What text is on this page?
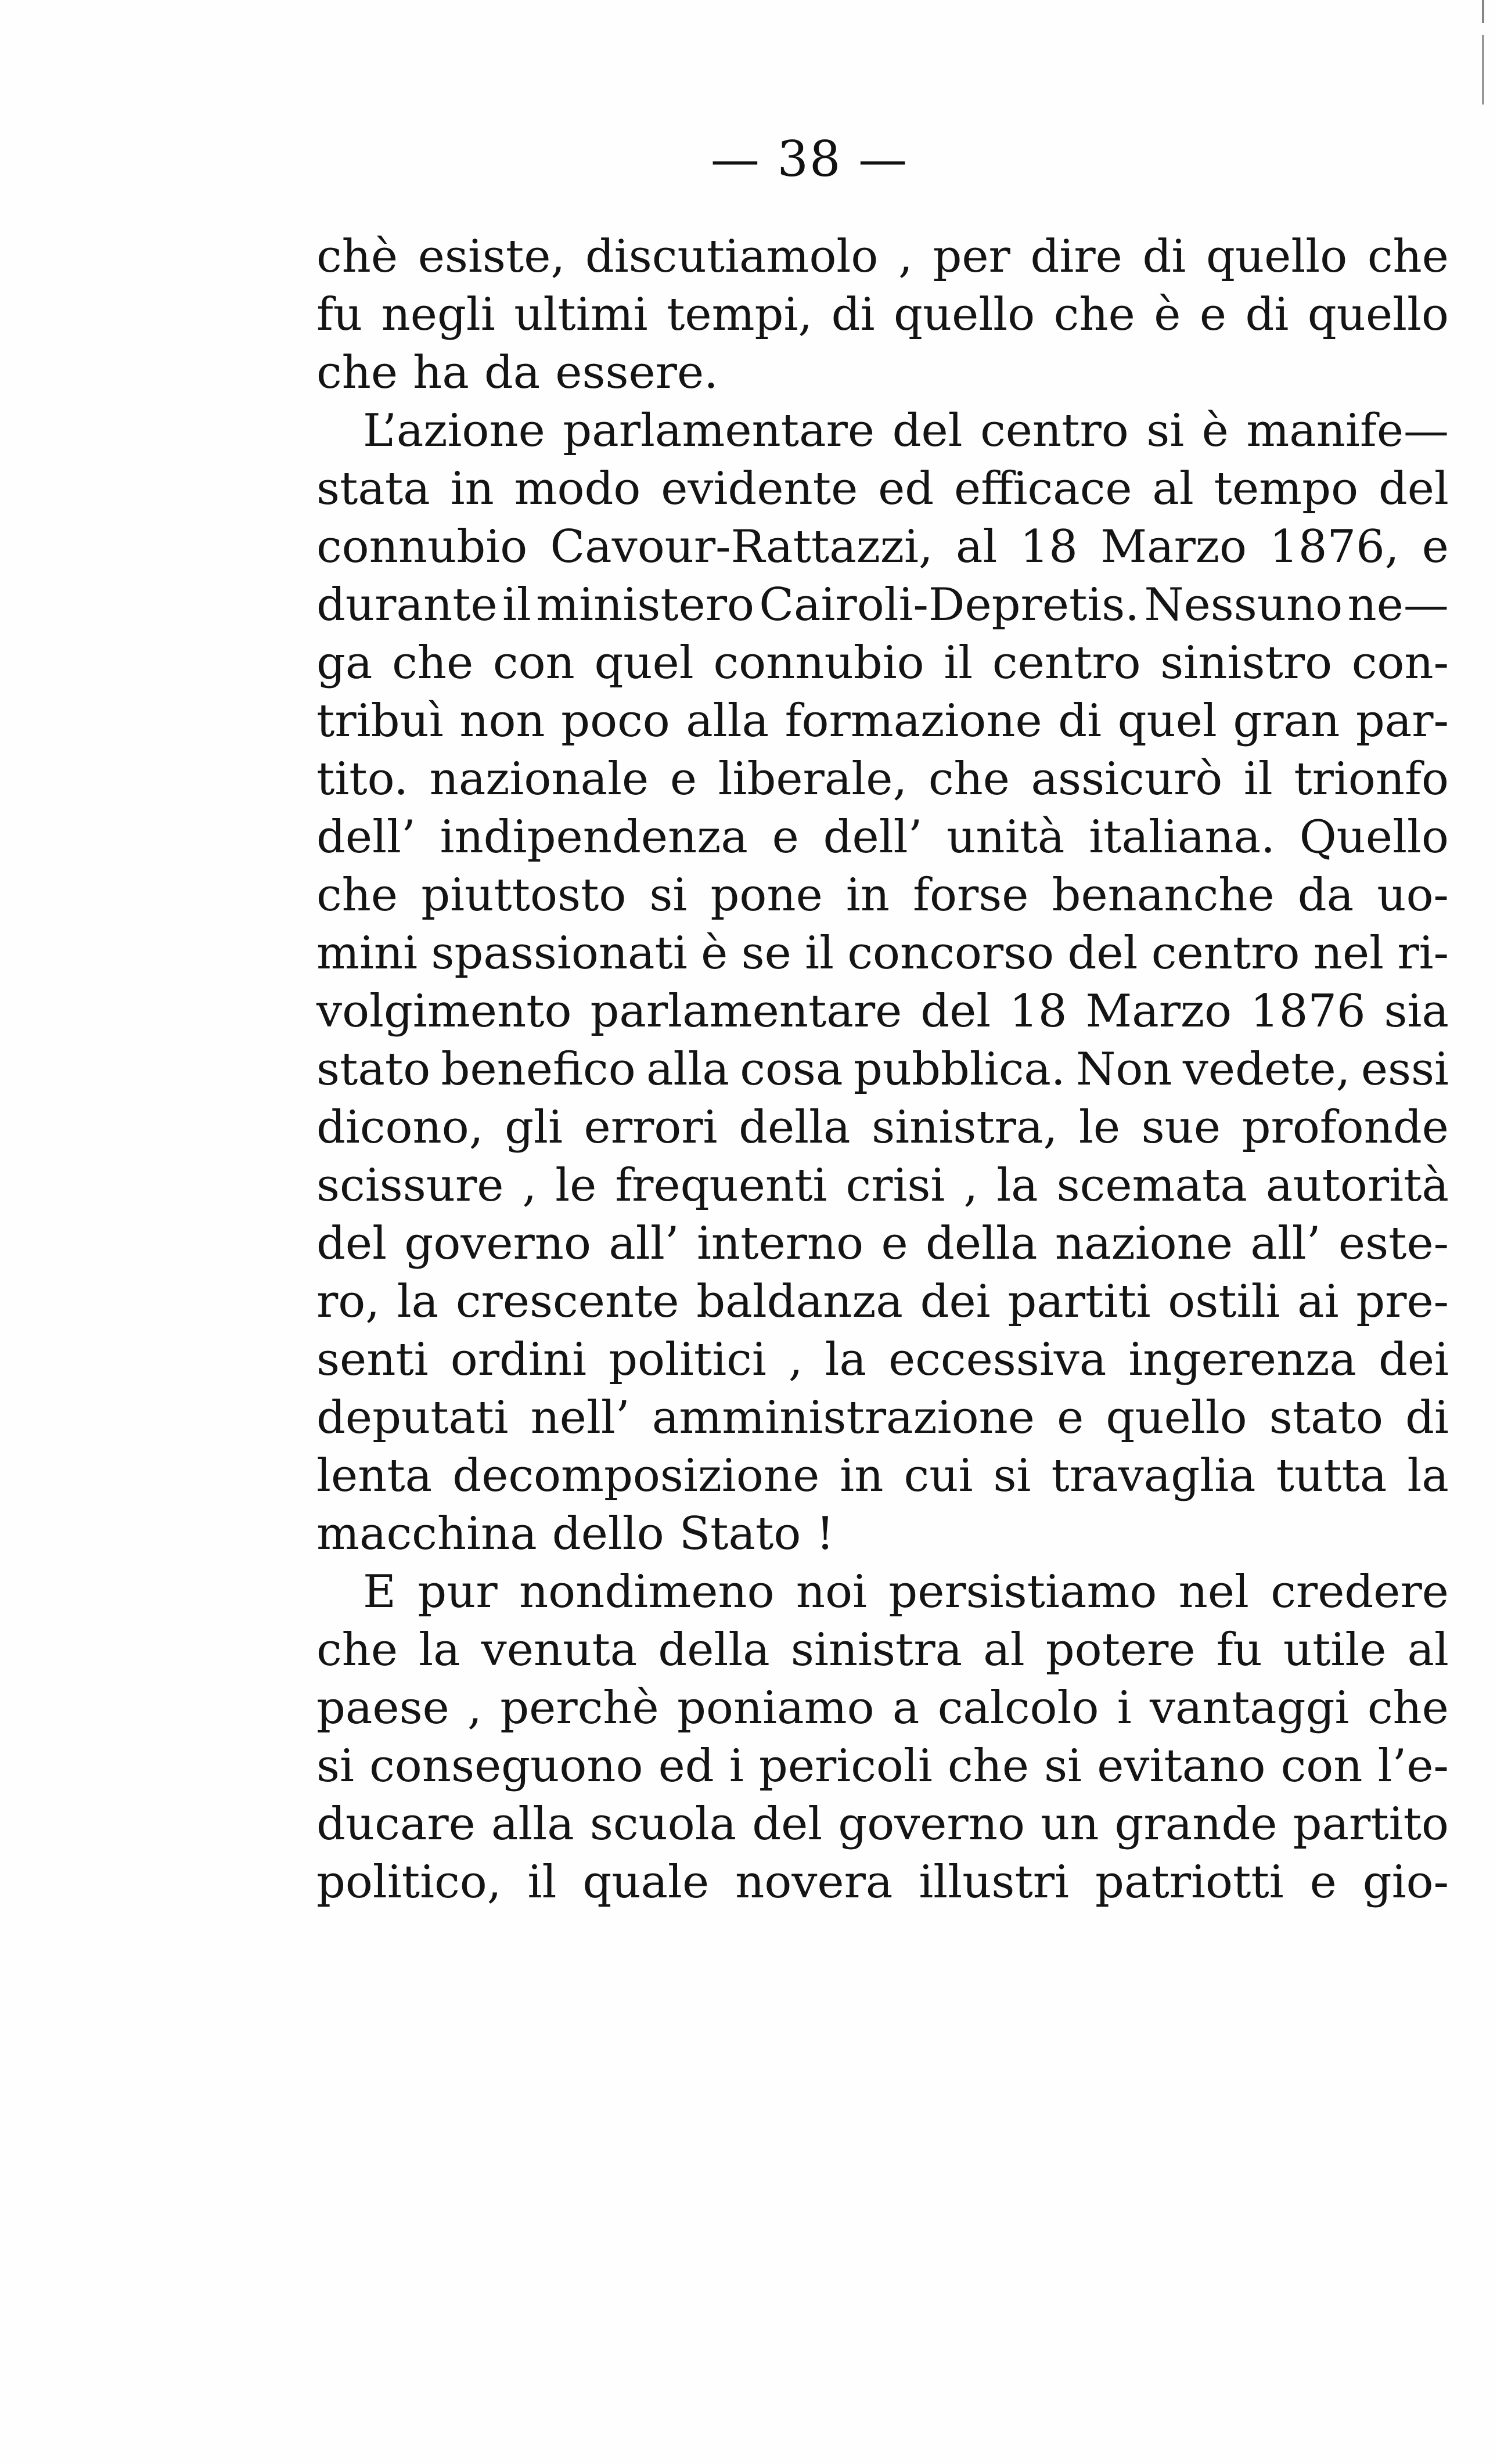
— 38 —
chè esiste, discutiamolo , per dire di quello che
fu negli ultimi tempi, di quello che è e di quello
che ha da essere.
L’azione parlamentare del centro si è manife—
stata in modo evidente ed efficace al tempo del
connubio Cavour-Rattazzi, al 18 Marzo 1876, e
durante il ministero Cairoli-Depretis. Nessuno ne—
ga che con quel connubio il centro sinistro con-
tribuì non poco alla formazione di quel gran par-
tito. nazionale e liberale, che assicurò il trionfo
dell’ indipendenza e dell’ unità italiana. Quello
che piuttosto si pone in forse benanche da uo-
mini spassionati è se il concorso del centro nel ri-
volgimento parlamentare del 18 Marzo 1876 sia
stato benefico alla cosa pubblica. Non vedete, essi
dicono, gli errori della sinistra, le sue profonde
scissure , le frequenti crisi , la scemata autorità
del governo all’ interno e della nazione all’ este-
ro, la crescente baldanza dei partiti ostili ai pre-
senti ordini politici , la eccessiva ingerenza dei
deputati nell’ amministrazione e quello stato di
lenta decomposizione in cui si travaglia tutta la
macchina dello Stato !
E pur nondimeno noi persistiamo nel credere
che la venuta della sinistra al potere fu utile al
paese , perchè poniamo a calcolo i vantaggi che
si conseguono ed i pericoli che si evitano con l’e-
ducare alla scuola del governo un grande partito
politico, il quale novera illustri patriotti e gio-
